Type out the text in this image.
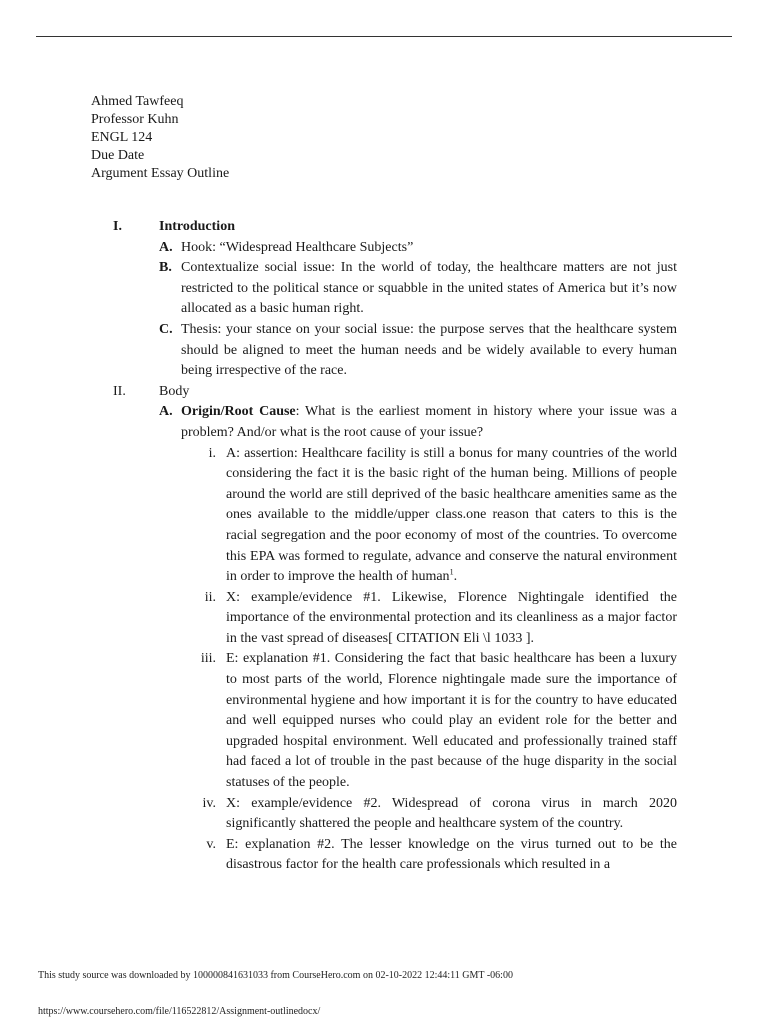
Ahmed Tawfeeq
Professor Kuhn
ENGL 124
Due Date
Argument Essay Outline
I.	Introduction
A. Hook: “Widespread Healthcare Subjects”
B. Contextualize social issue: In the world of today, the healthcare matters are not just restricted to the political stance or squabble in the united states of America but it’s now allocated as a basic human right.
C. Thesis: your stance on your social issue: the purpose serves that the healthcare system should be aligned to meet the human needs and be widely available to every human being irrespective of the race.
II. Body
A. Origin/Root Cause: What is the earliest moment in history where your issue was a problem? And/or what is the root cause of your issue?
i. A: assertion: Healthcare facility is still a bonus for many countries of the world considering the fact it is the basic right of the human being. Millions of people around the world are still deprived of the basic healthcare amenities same as the ones available to the middle/upper class.one reason that caters to this is the racial segregation and the poor economy of most of the countries. To overcome this EPA was formed to regulate, advance and conserve the natural environment in order to improve the health of human$^1$.
ii. X: example/evidence #1. Likewise, Florence Nightingale identified the importance of the environmental protection and its cleanliness as a major factor in the vast spread of diseases[ CITATION Eli \l 1033 ].
iii. E: explanation #1. Considering the fact that basic healthcare has been a luxury to most parts of the world, Florence nightingale made sure the importance of environmental hygiene and how important it is for the country to have educated and well equipped nurses who could play an evident role for the better and upgraded hospital environment. Well educated and professionally trained staff had faced a lot of trouble in the past because of the huge disparity in the social statuses of the people.
iv. X: example/evidence #2. Widespread of corona virus in march 2020 significantly shattered the people and healthcare system of the country.
v. E: explanation #2. The lesser knowledge on the virus turned out to be the disastrous factor for the health care professionals which resulted in a
This study source was downloaded by 100000841631033 from CourseHero.com on 02-10-2022 12:44:11 GMT -06:00
https://www.coursehero.com/file/116522812/Assignment-outlinedocx/
